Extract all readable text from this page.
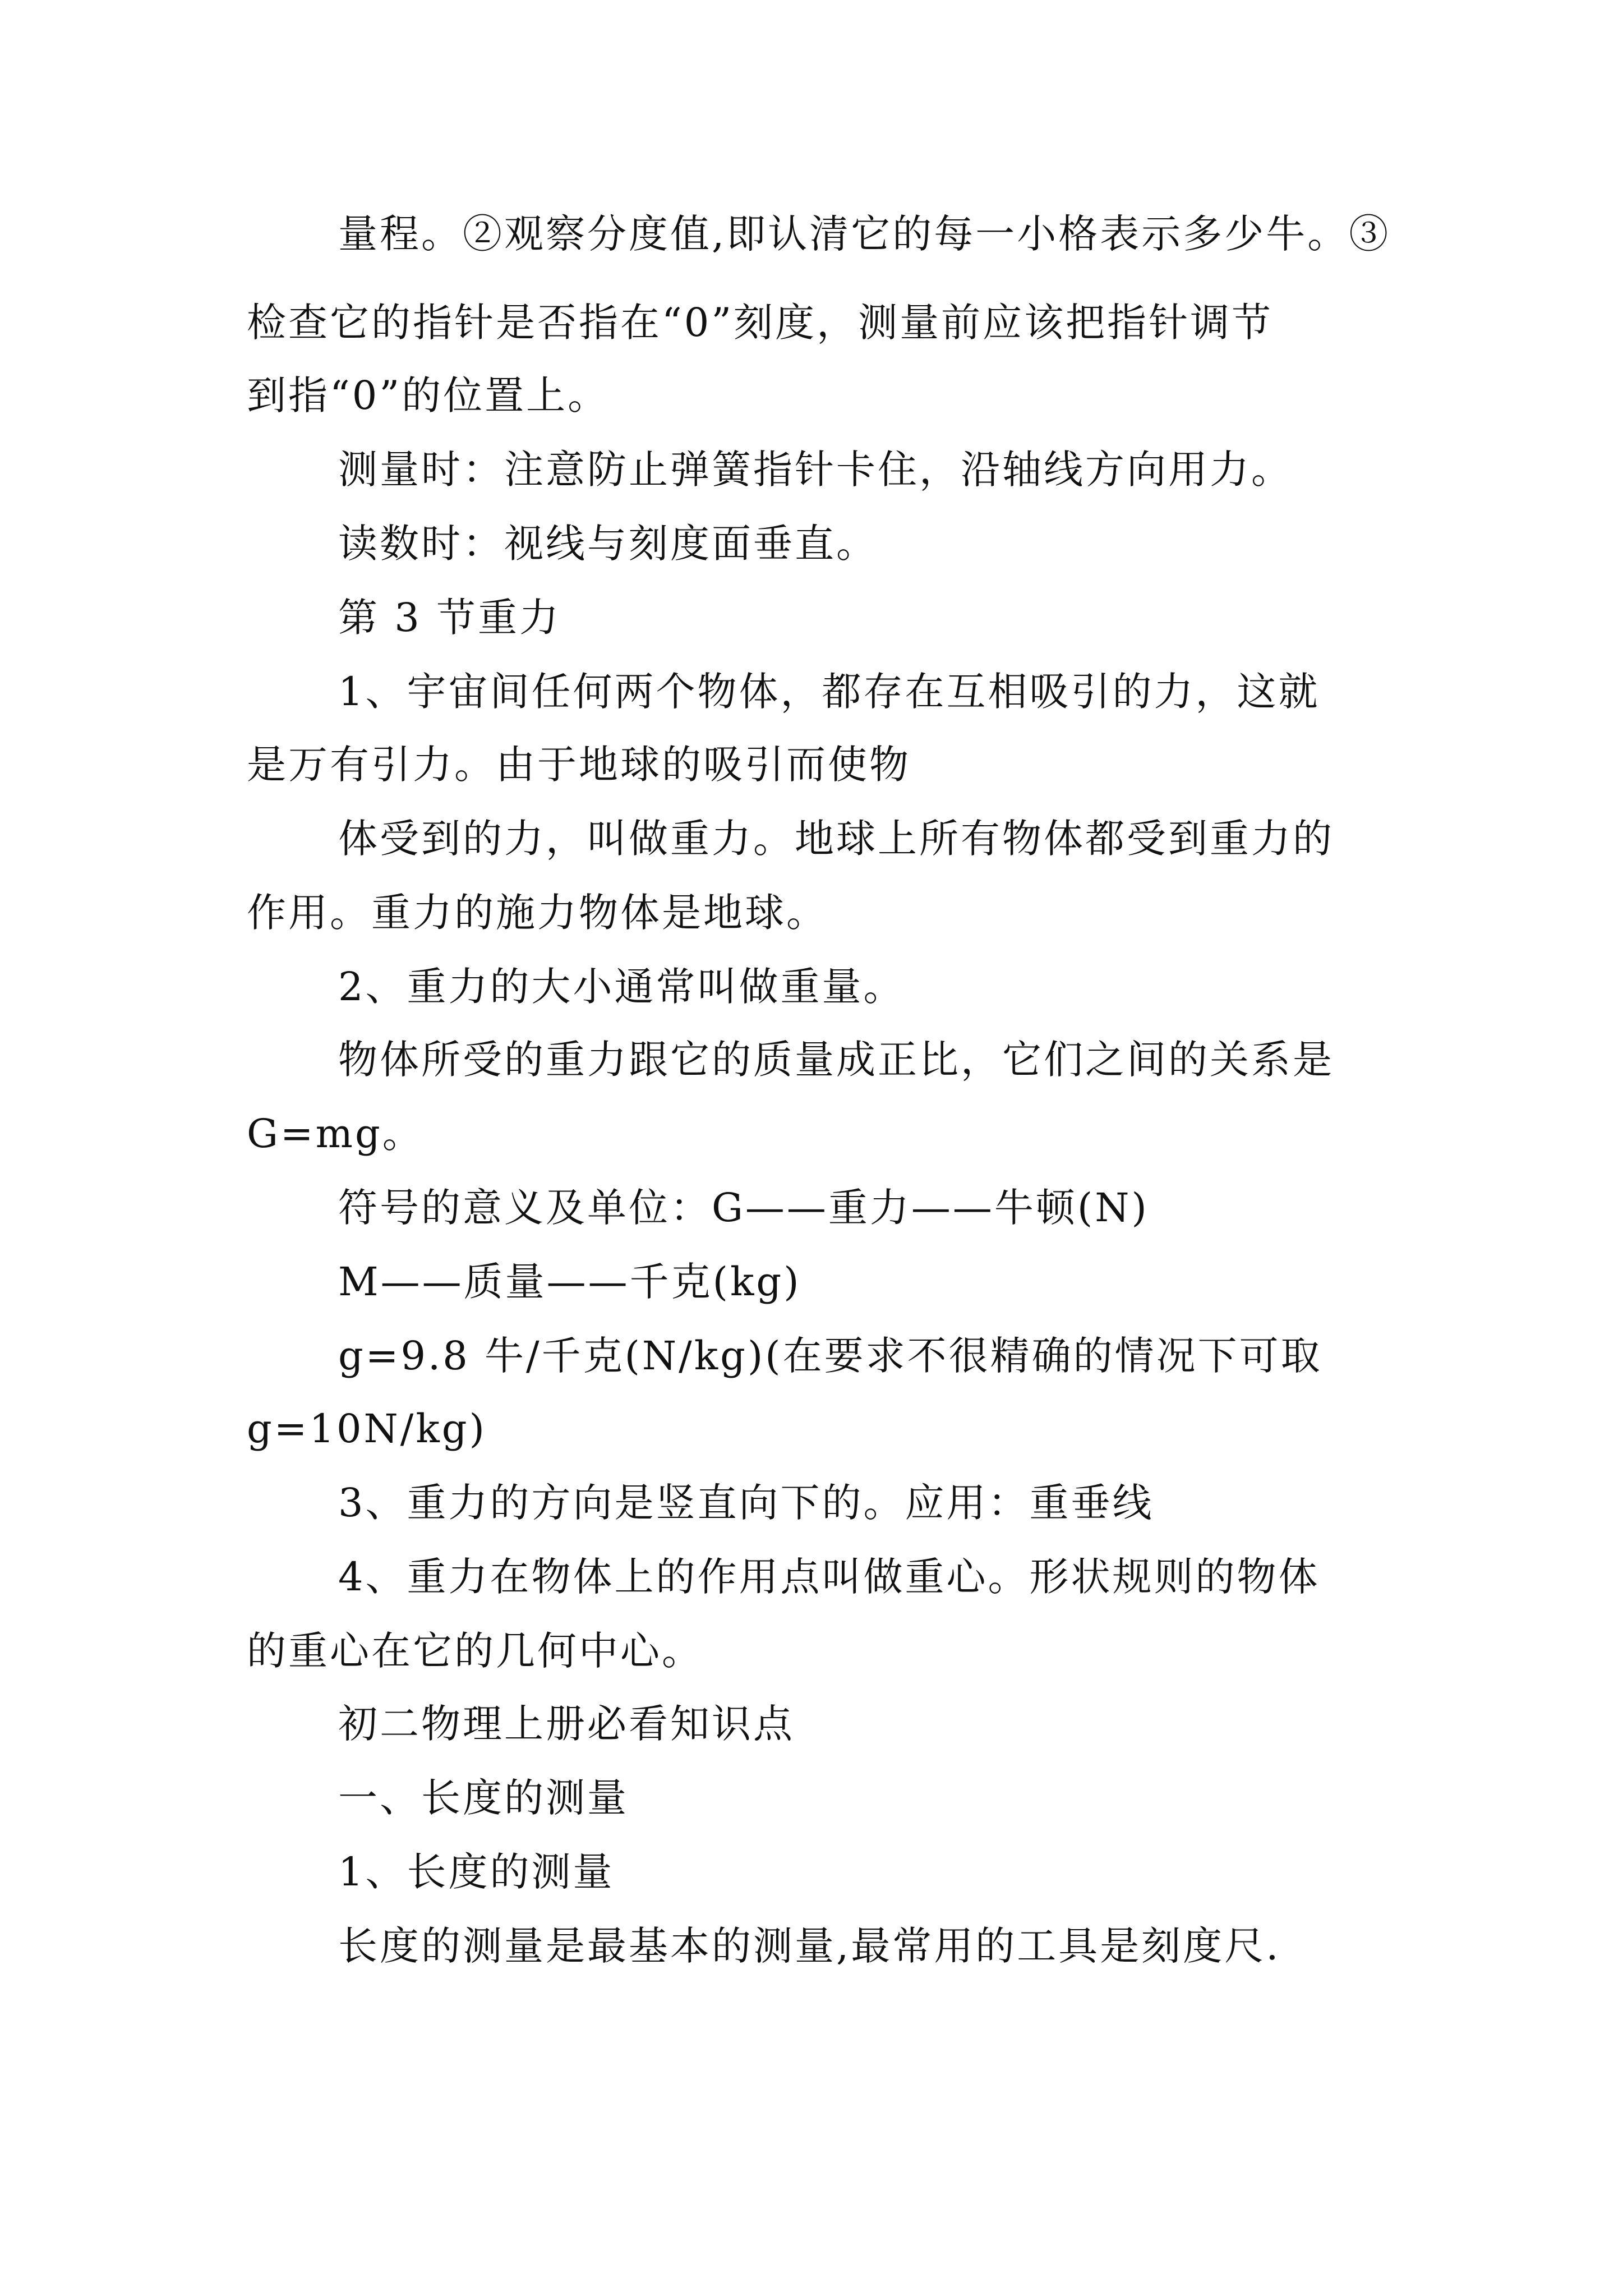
量程。②观察分度值,即认清它的每一小格表示多少牛。③
检查它的指针是否指在“0”刻度，测量前应该把指针调节
到指“0”的位置上。
测量时：注意防止弹簧指针卡住，沿轴线方向用力。
读数时：视线与刻度面垂直。
第 3 节重力
1、宇宙间任何两个物体，都存在互相吸引的力，这就
是万有引力。由于地球的吸引而使物
体受到的力，叫做重力。地球上所有物体都受到重力的
作用。重力的施力物体是地球。
2、重力的大小通常叫做重量。
物体所受的重力跟它的质量成正比，它们之间的关系是
G=mg。
符号的意义及单位：G——重力——牛顿(N)
M——质量——千克(kg)
g=9.8 牛/千克(N/kg)(在要求不很精确的情况下可取
g=10N/kg)
3、重力的方向是竖直向下的。应用：重垂线
4、重力在物体上的作用点叫做重心。形状规则的物体
的重心在它的几何中心。
初二物理上册必看知识点
一、长度的测量
1、长度的测量
长度的测量是最基本的测量,最常用的工具是刻度尺.
